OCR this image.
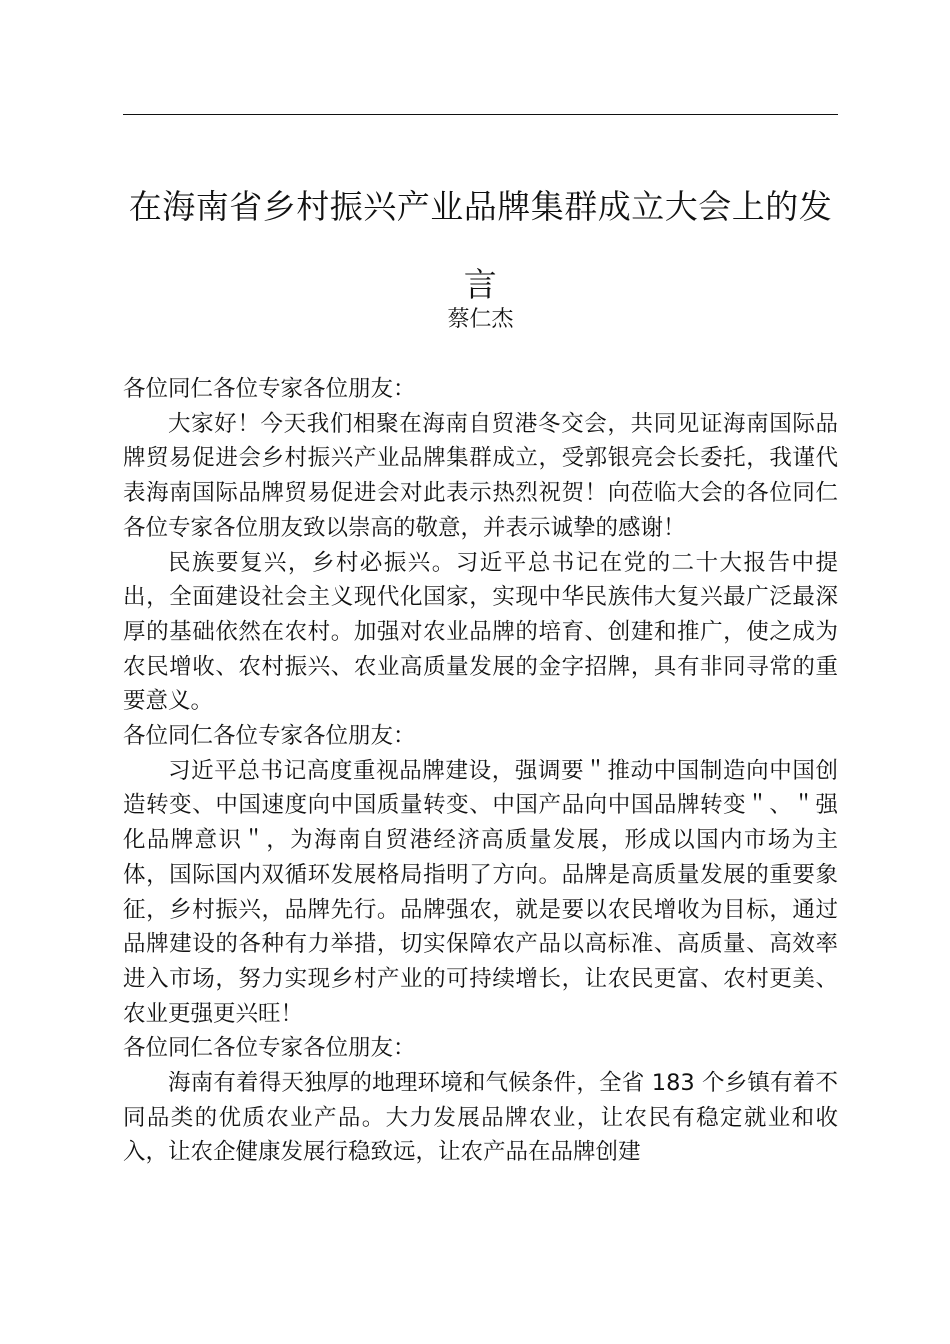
在海南省乡村振兴产业品牌集群成立大会上的发言
蔡仁杰

各位同仁各位专家各位朋友：

大家好！今天我们相聚在海南自贸港冬交会，共同见证海南国际品牌贸易促进会乡村振兴产业品牌集群成立，受郭银亮会长委托，我谨代表海南国际品牌贸易促进会对此表示热烈祝贺！向莅临大会的各位同仁各位专家各位朋友致以崇高的敬意，并表示诚挚的感谢！

民族要复兴，乡村必振兴。习近平总书记在党的二十大报告中提出，全面建设社会主义现代化国家，实现中华民族伟大复兴最广泛最深厚的基础依然在农村。加强对农业品牌的培育、创建和推广，使之成为农民增收、农村振兴、农业高质量发展的金字招牌，具有非同寻常的重要意义。

各位同仁各位专家各位朋友：

习近平总书记高度重视品牌建设，强调要＂推动中国制造向中国创造转变、中国速度向中国质量转变、中国产品向中国品牌转变＂、＂强化品牌意识＂，为海南自贸港经济高质量发展，形成以国内市场为主体，国际国内双循环发展格局指明了方向。品牌是高质量发展的重要象征，乡村振兴，品牌先行。品牌强农，就是要以农民增收为目标，通过品牌建设的各种有力举措，切实保障农产品以高标准、高质量、高效率进入市场，努力实现乡村产业的可持续增长，让农民更富、农村更美、农业更强更兴旺！

各位同仁各位专家各位朋友：

海南有着得天独厚的地理环境和气候条件，全省 183 个乡镇有着不同品类的优质农业产品。大力发展品牌农业，让农民有稳定就业和收入，让农企健康发展行稳致远，让农产品在品牌创建
